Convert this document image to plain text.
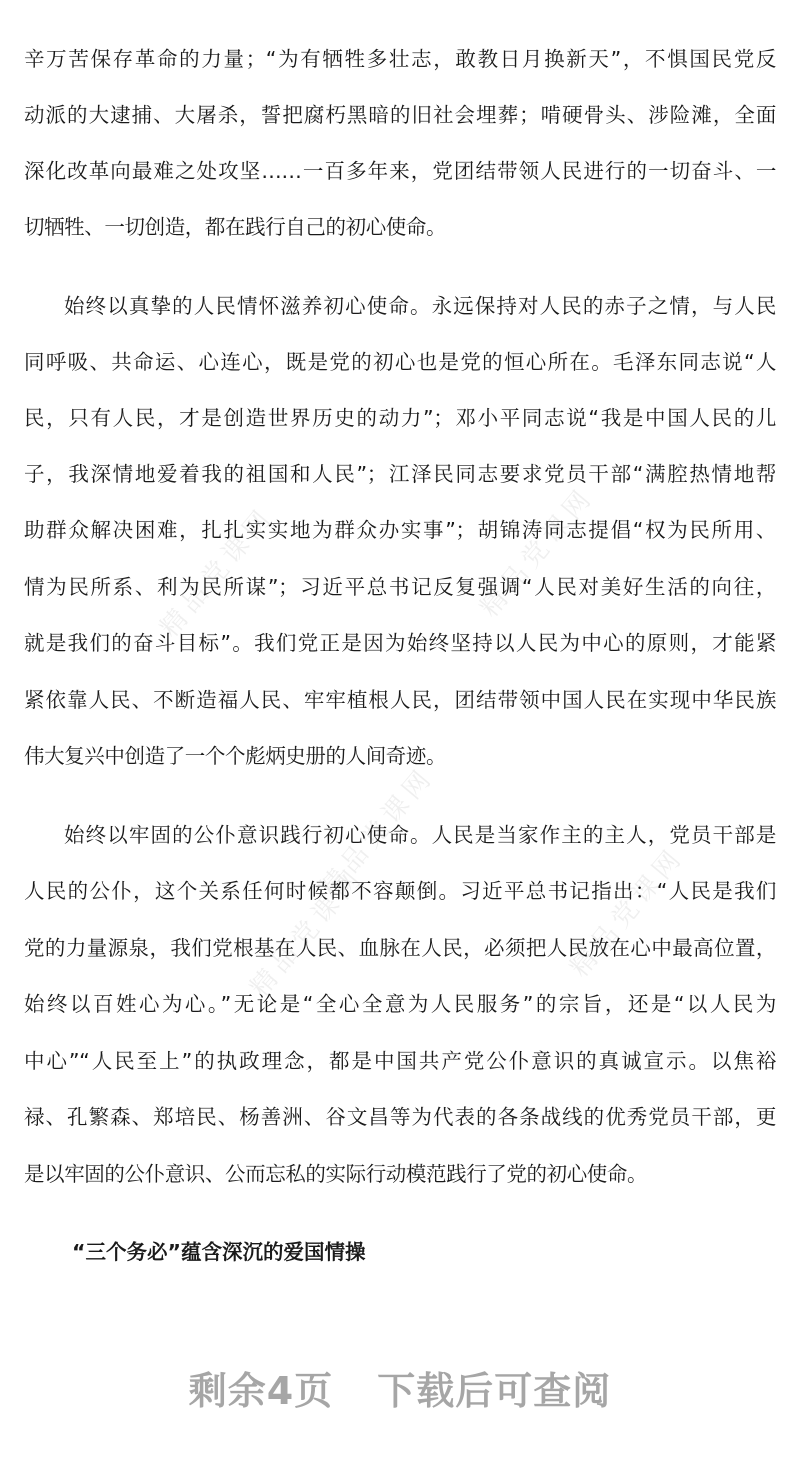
精品党课网	精品党课网
精品党课网	精品党课网
精品党课网
辛万苦保存革命的力量；“为有牺牲多壮志，敢教日月换新天”，不惧国民党反
动派的大逮捕、大屠杀，誓把腐朽黑暗的旧社会埋葬；啃硬骨头、涉险滩，全面
深化改革向最难之处攻坚……一百多年来，党团结带领人民进行的一切奋斗、一
切牺牲、一切创造，都在践行自己的初心使命。
始终以真挚的人民情怀滋养初心使命。永远保持对人民的赤子之情，与人民
同呼吸、共命运、心连心，既是党的初心也是党的恒心所在。毛泽东同志说“人
民，只有人民，才是创造世界历史的动力”；邓小平同志说“我是中国人民的儿
子，我深情地爱着我的祖国和人民”；江泽民同志要求党员干部“满腔热情地帮
助群众解决困难，扎扎实实地为群众办实事”；胡锦涛同志提倡“权为民所用、
情为民所系、利为民所谋”；习近平总书记反复强调“人民对美好生活的向往，
就是我们的奋斗目标”。我们党正是因为始终坚持以人民为中心的原则，才能紧
紧依靠人民、不断造福人民、牢牢植根人民，团结带领中国人民在实现中华民族
伟大复兴中创造了一个个彪炳史册的人间奇迹。
始终以牢固的公仆意识践行初心使命。人民是当家作主的主人，党员干部是
人民的公仆，这个关系任何时候都不容颠倒。习近平总书记指出：“人民是我们
党的力量源泉，我们党根基在人民、血脉在人民，必须把人民放在心中最高位置，
始终以百姓心为心。”无论是“全心全意为人民服务”的宗旨，还是“以人民为
中心”“人民至上”的执政理念，都是中国共产党公仆意识的真诚宣示。以焦裕
禄、孔繁森、郑培民、杨善洲、谷文昌等为代表的各条战线的优秀党员干部，更
是以牢固的公仆意识、公而忘私的实际行动模范践行了党的初心使命。
“三个务必”蕴含深沉的爱国情操
剩余4页 下载后可查阅
